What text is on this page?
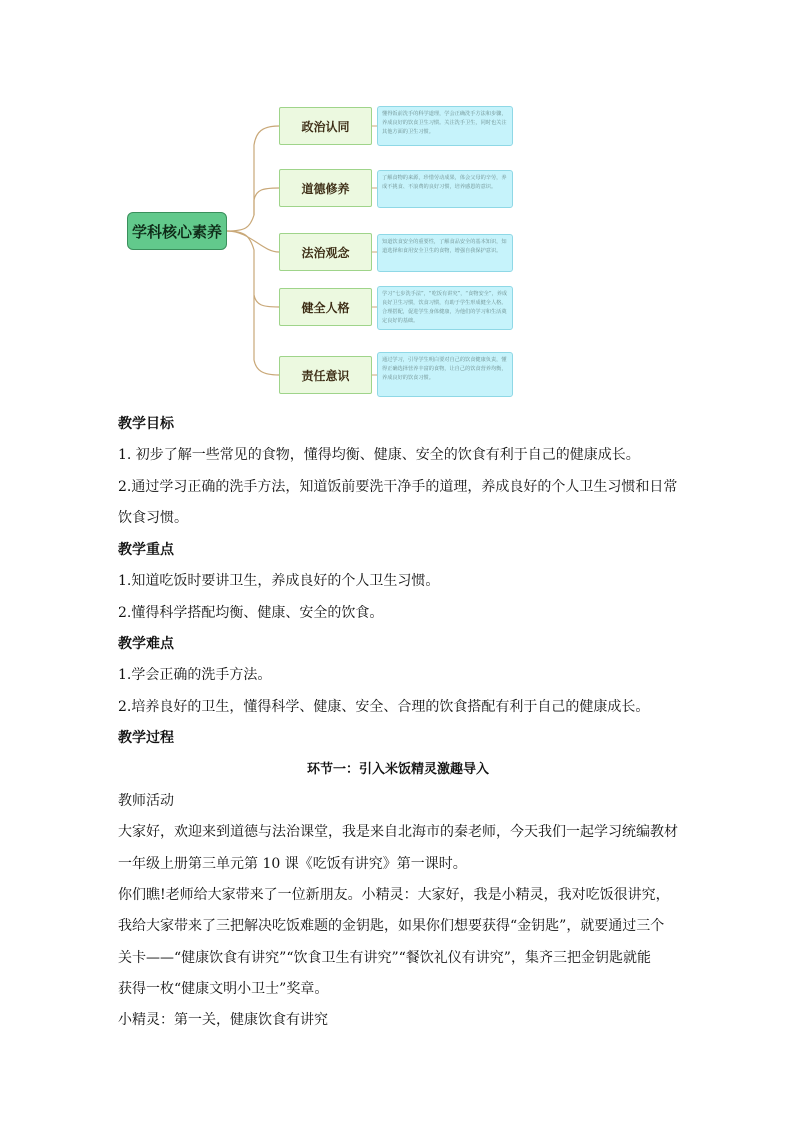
学科核心素养
政治认同
懂得饭前洗手的科学道理，学会正确洗手方法和步骤，养成良好的饮食卫生习惯。关注洗手卫生，同时也关注其他方面的卫生习惯。
道德修养
了解食物的来源，珍惜劳动成果，体会父母的辛劳，养成不挑食、不浪费的良好习惯，培养感恩的意识。
法治观念
知道饮食安全的重要性，了解食品安全的基本知识，知道选择和食用安全卫生的食物，增强自我保护意识。
健全人格
学习“七步洗手法”，“吃饭有讲究”，“食物安全”，养成良好卫生习惯，饮食习惯，有助于学生形成健全人格。合理搭配，促进学生身体健康，为他们的学习和生活奠定良好的基础。
责任意识
通过学习，引导学生明白要对自己的饮食健康负责，懂得正确选择营养丰富的食物，让自己的饮食营养均衡，养成良好的饮食习惯。
教学目标
1. 初步了解一些常见的食物，懂得均衡、健康、安全的饮食有利于自己的健康成长。
2.通过学习正确的洗手方法，知道饭前要洗干净手的道理，养成良好的个人卫生习惯和日常
饮食习惯。
教学重点
1.知道吃饭时要讲卫生，养成良好的个人卫生习惯。
2.懂得科学搭配均衡、健康、安全的饮食。
教学难点
1.学会正确的洗手方法。
2.培养良好的卫生，懂得科学、健康、安全、合理的饮食搭配有利于自己的健康成长。
教学过程
环节一：引入米饭精灵激趣导入
教师活动
大家好，欢迎来到道德与法治课堂，我是来自北海市的秦老师，今天我们一起学习统编教材
一年级上册第三单元第 10 课《吃饭有讲究》第一课时。
你们瞧!老师给大家带来了一位新朋友。小精灵：大家好，我是小精灵，我对吃饭很讲究，
我给大家带来了三把解决吃饭难题的金钥匙，如果你们想要获得“金钥匙”，就要通过三个
关卡——“健康饮食有讲究”“饮食卫生有讲究”“餐饮礼仪有讲究”，集齐三把金钥匙就能
获得一枚“健康文明小卫士”奖章。
小精灵：第一关，健康饮食有讲究
